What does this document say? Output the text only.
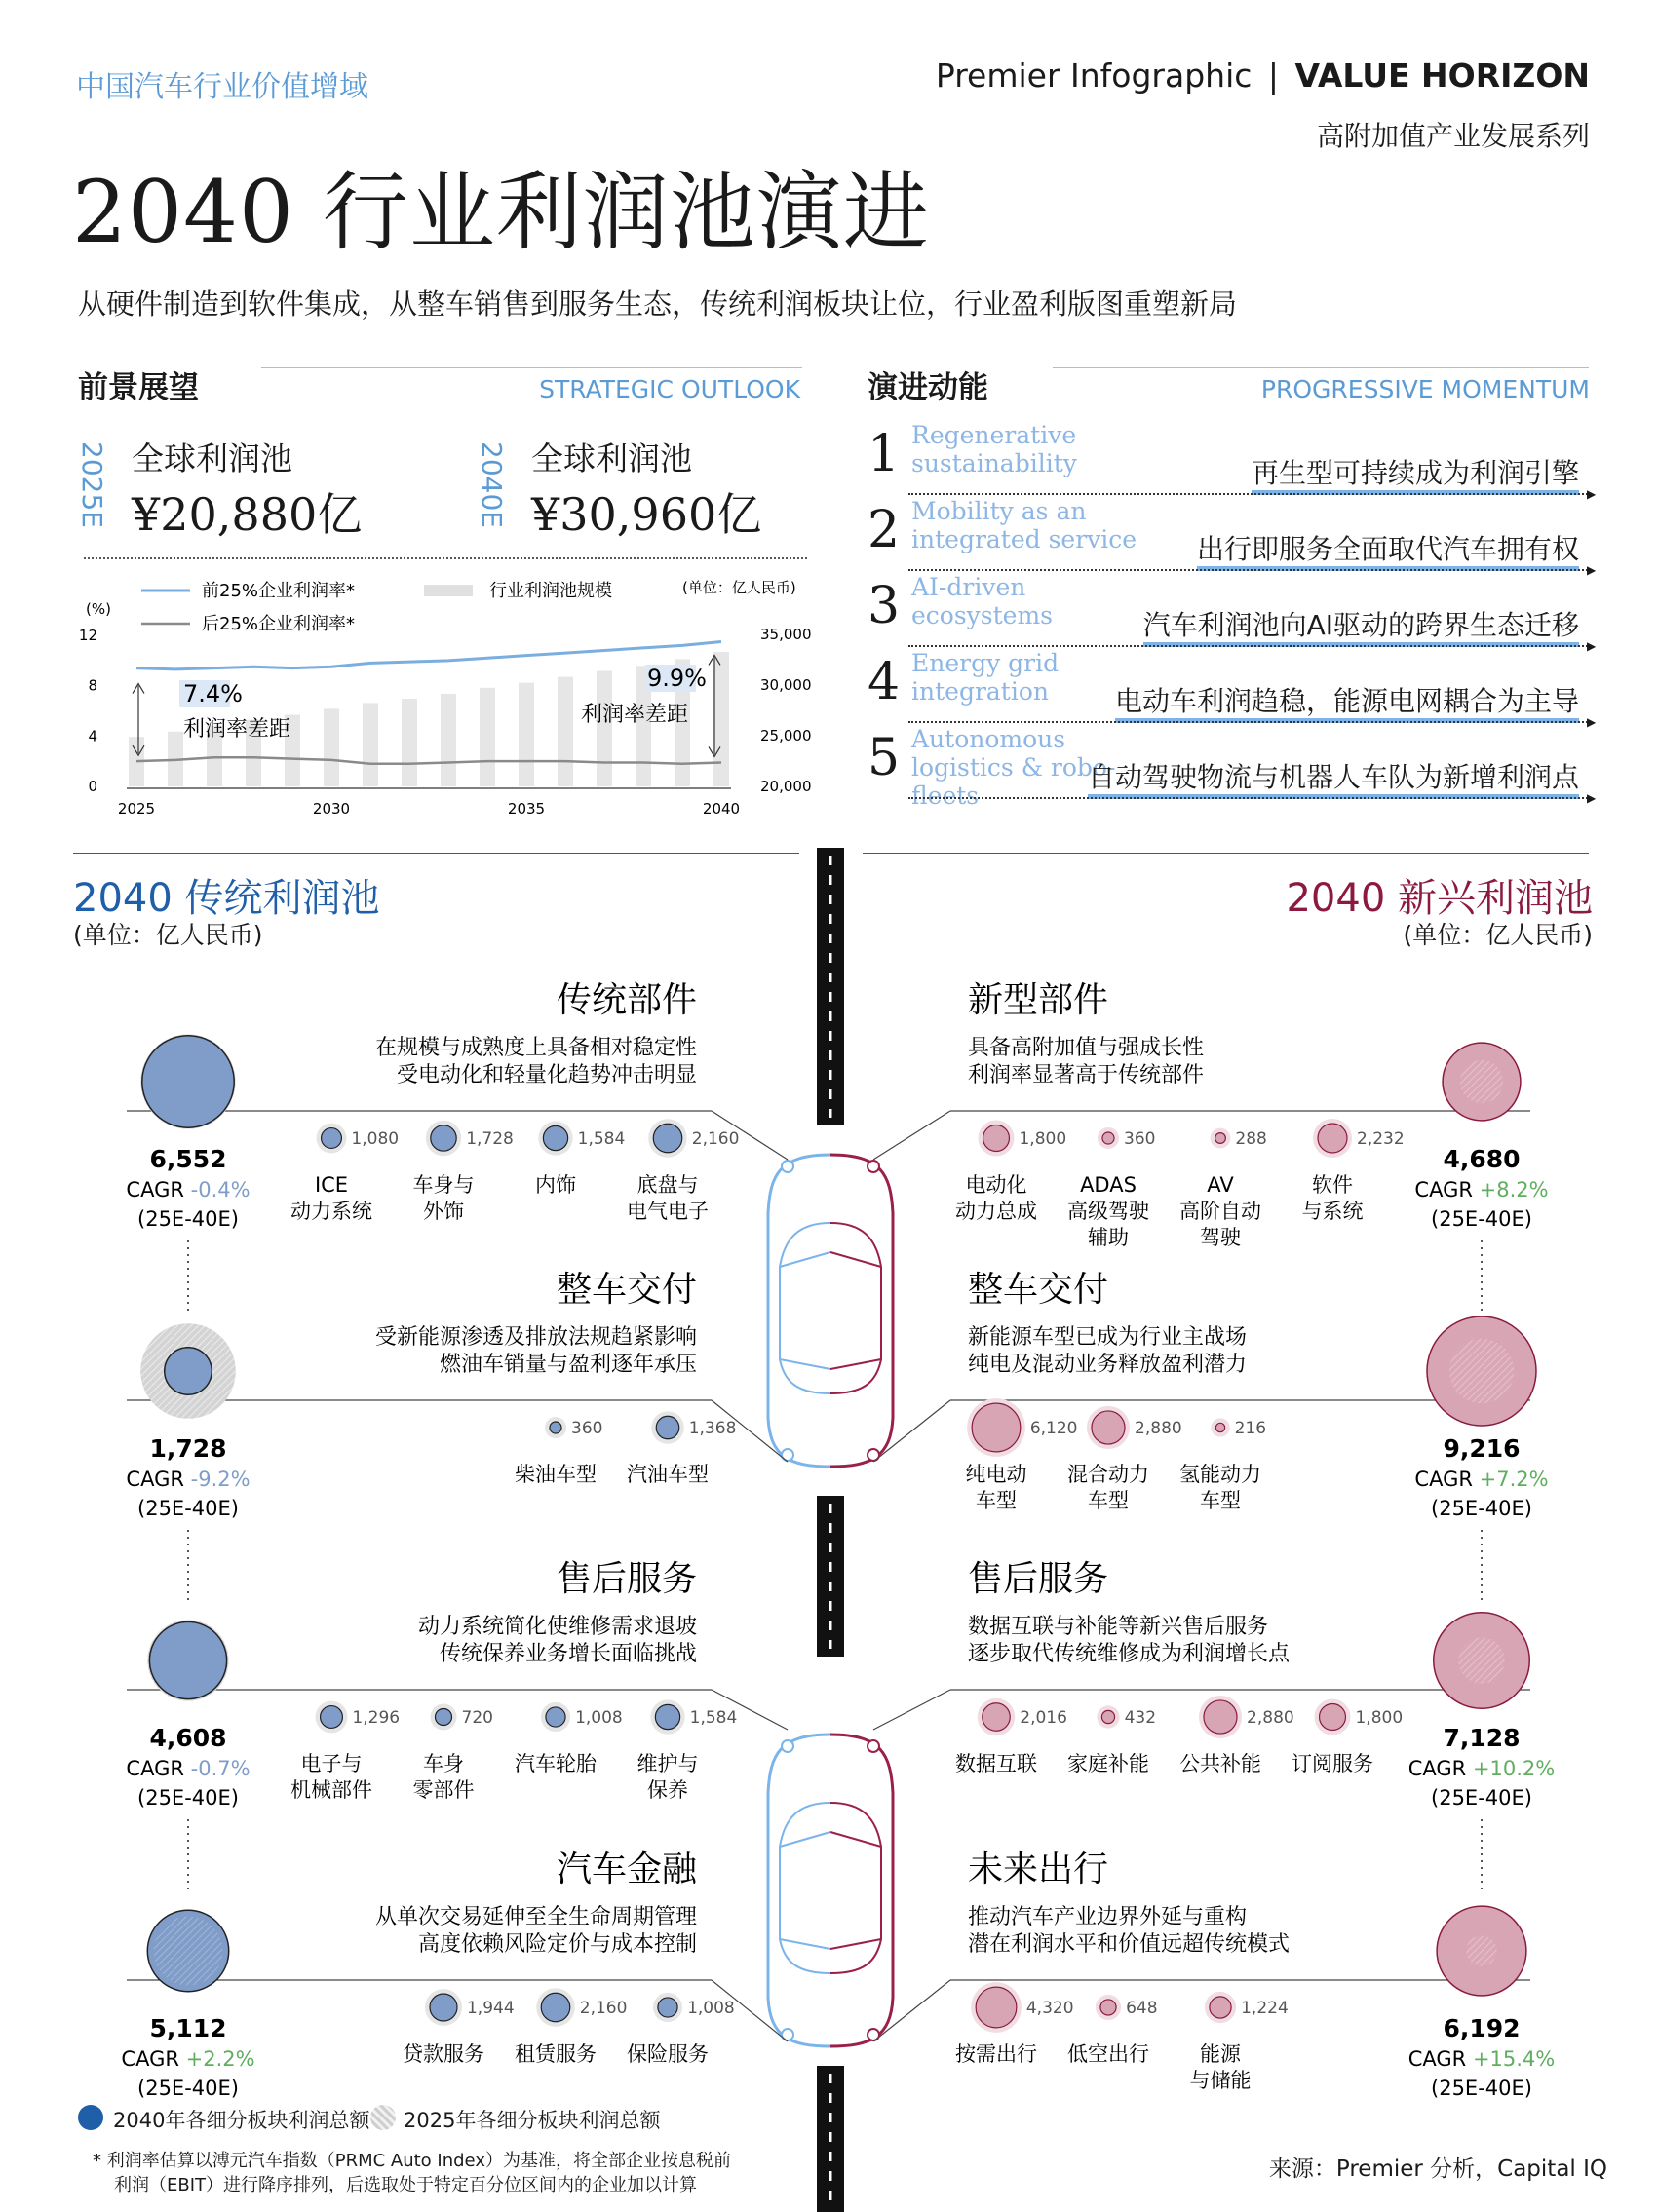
中国汽车行业价值增域	Premier Infographic | VALUE HORIZON
高附加值产业发展系列
2040 行业利润池演进
从硬件制造到软件集成，从整车销售到服务生态，传统利润板块让位，行业盈利版图重塑新局
前景展望	STRATEGIC OUTLOOK
2025E 全球利润池
¥20,880亿	2040E 全球利润池
¥30,960亿
(%)
0
4
8
12
20,000
25,000
30,000
35,000
(单位：亿人民币)
2025	2030	2035	2040
前25%企业利润率*
后25%企业利润率*
行业利润池规模
7.4%
利润率差距
9.9%
利润率差距
演进动能	PROGRESSIVE MOMENTUM
1 Regenerative sustainability	再生型可持续成为利润引擎
▶
2 Mobility as an integrated service	出行即服务全面取代汽车拥有权
▶
3 AI-driven ecosystems	汽车利润池向AI驱动的跨界生态迁移
▶
4 Energy grid integration	电动车利润趋稳，能源电网耦合为主导
▶
5 Autonomous logistics & robo-fleets
自动驾驶物流与机器人车队为新增利润点
▶
2040 传统利润池
(单位：亿人民币)
2040 新兴利润池
(单位：亿人民币)
传统部件
在规模与成熟度上具备相对稳定性
受电动化和轻量化趋势冲击明显
6,552
CAGR -0.4%
(25E-40E)
1,080
ICE
动力系统
1,728
车身与
外饰
1,584
内饰
2,160
底盘与
电气电子
整车交付
受新能源渗透及排放法规趋紧影响
燃油车销量与盈利逐年承压
1,728
CAGR -9.2%
(25E-40E)
360
柴油车型
1,368
汽油车型
售后服务
动力系统简化使维修需求退坡
传统保养业务增长面临挑战
4,608
CAGR -0.7%
(25E-40E)
1,296
电子与
机械部件
720
车身
零部件
1,008
汽车轮胎
1,584
维护与
保养
汽车金融
从单次交易延伸至全生命周期管理
高度依赖风险定价与成本控制
5,112
CAGR +2.2%
(25E-40E)
1,944
贷款服务
2,160
租赁服务
1,008
保险服务
新型部件
具备高附加值与强成长性
利润率显著高于传统部件
4,680
CAGR +8.2%
(25E-40E)
1,800
电动化
动力总成
360
ADAS
高级驾驶
辅助
288
AV
高阶自动
驾驶
2,232
软件
与系统
整车交付
新能源车型已成为行业主战场
纯电及混动业务释放盈利潜力
9,216
CAGR +7.2%
(25E-40E)
6,120
纯电动
车型
2,880
混合动力
车型
216
氢能动力
车型
售后服务
数据互联与补能等新兴售后服务
逐步取代传统维修成为利润增长点
7,128
CAGR +10.2%
(25E-40E)
2,016
数据互联
432
家庭补能
2,880
公共补能
1,800
订阅服务
未来出行
推动汽车产业边界外延与重构
潜在利润水平和价值远超传统模式
6,192
CAGR +15.4%
(25E-40E)
4,320
按需出行
648
低空出行
1,224
能源
与储能
2040年各细分板块利润总额 2025年各细分板块利润总额
* 利润率估算以溥元汽车指数（PRMC Auto Index）为基准，将全部企业按息税前
利润（EBIT）进行降序排列，后选取处于特定百分位区间内的企业加以计算
来源：Premier 分析，Capital IQ
